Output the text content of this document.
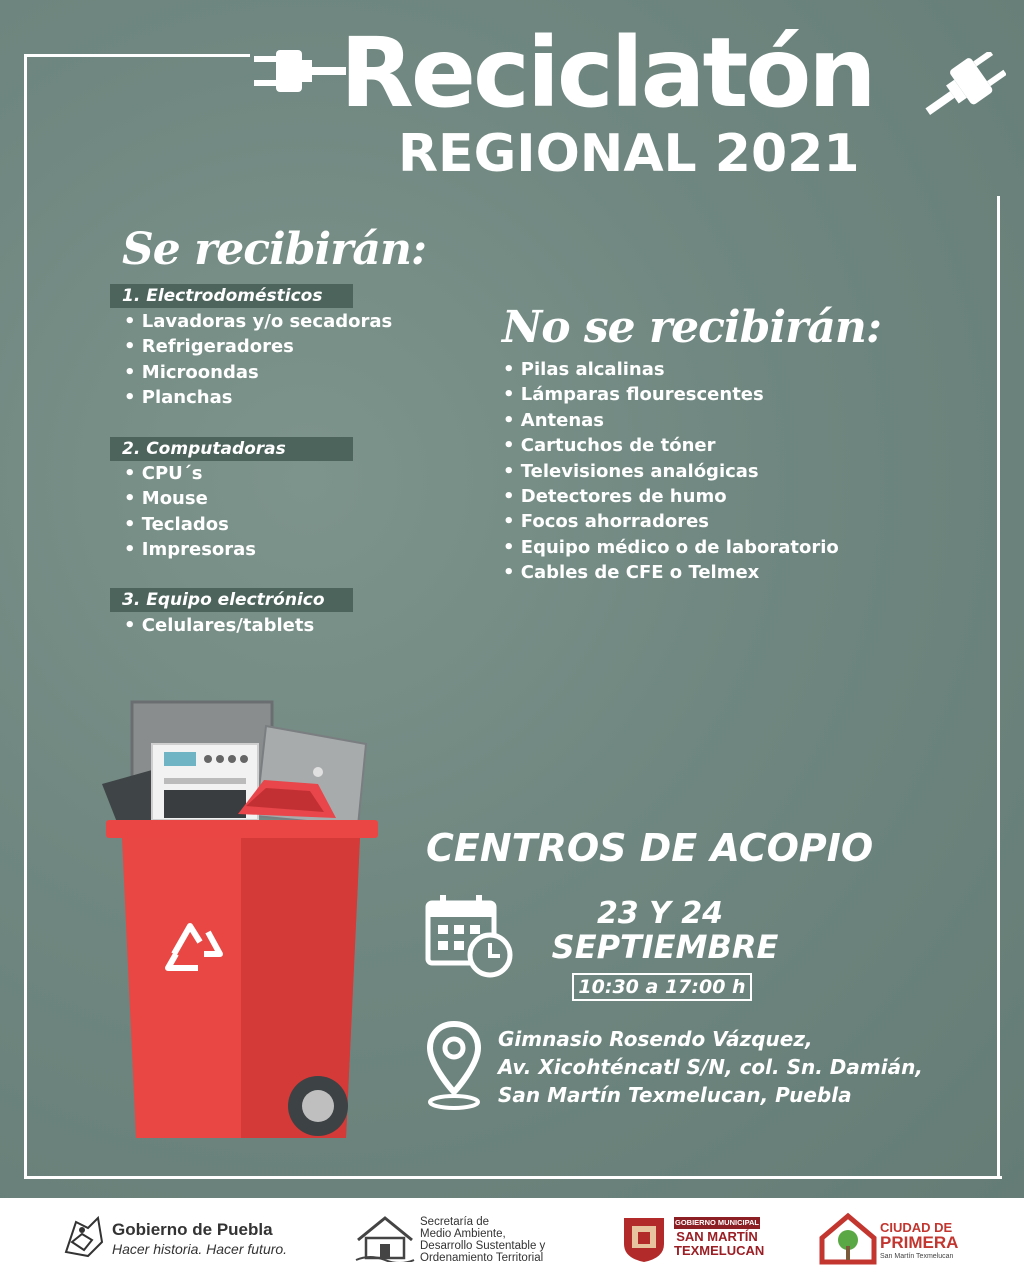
Reciclatón
REGIONAL 2021
Se recibirán:
1. Electrodomésticos
• Lavadoras y/o secadoras
• Refrigeradores
• Microondas
• Planchas
2. Computadoras
• CPU´s
• Mouse
• Teclados
• Impresoras
3. Equipo electrónico
• Celulares/tablets
No se recibirán:
• Pilas alcalinas
• Lámparas flourescentes
• Antenas
• Cartuchos de tóner
• Televisiones analógicas
• Detectores de humo
• Focos ahorradores
• Equipo médico o de laboratorio
• Cables de CFE o Telmex
CENTROS DE ACOPIO
23 Y 24
SEPTIEMBRE
10:30 a 17:00 h
Gimnasio Rosendo Vázquez,
Av. Xicohténcatl S/N, col. Sn. Damián,
San Martín Texmelucan, Puebla
Gobierno de Puebla
Hacer historia. Hacer futuro.
Secretaría de
Medio Ambiente,
Desarrollo Sustentable y
Ordenamiento Territorial
GOBIERNO MUNICIPAL
SAN MARTÍN
TEXMELUCAN
CIUDAD DE
PRIMERA
San Martín Texmelucan
